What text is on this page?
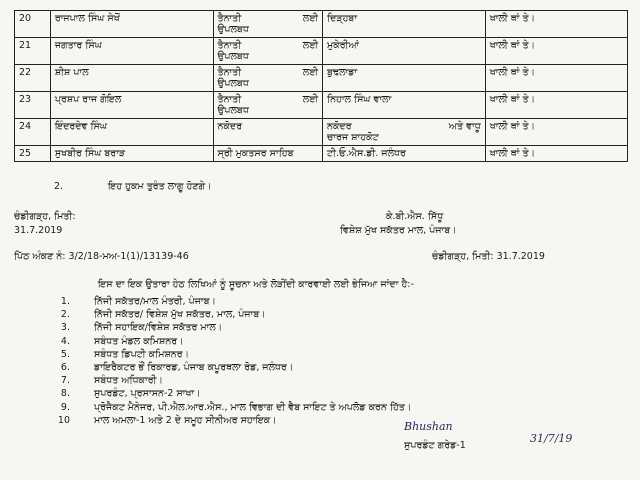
20	ਰਾਜਪਾਲ ਸਿੰਘ ਸੇਖੋਂ	ਤੈਨਾਤੀ ਲਈ
ਉਪਲਬਧ	ਦਿੜ੍ਹਬਾ	ਖਾਲੀ ਥਾਂ ਤੇ।
21	ਜਗਤਾਰ ਸਿੰਘ	ਤੈਨਾਤੀ ਲਈ
ਉਪਲਬਧ	ਮੁਕੇਰੀਆਂ	ਖਾਲੀ ਥਾਂ ਤੇ।
22	ਸ਼ੀਸ਼ ਪਾਲ	ਤੈਨਾਤੀ ਲਈ
ਉਪਲਬਧ	ਬੁਢਲਾਡਾ	ਖਾਲੀ ਥਾਂ ਤੇ।
23	ਪ੍ਰਸ਼ਪ ਰਾਜ ਗੋਇਲ	ਤੈਨਾਤੀ ਲਈ
ਉਪਲਬਧ	ਨਿਹਾਲ ਸਿੰਘ ਵਾਲਾ	ਖਾਲੀ ਥਾਂ ਤੇ।
24	ਇੰਦਰਦੇਵ ਸਿੰਘ	ਨਕੋਦਰ	ਨਕੋਦਰ ਅਤੇ ਵਾਧੂ
ਚਾਰਜ ਸ਼ਾਹਕੋਟ	ਖਾਲੀ ਥਾਂ ਤੇ।
25	ਸੁਖਬੀਰ ਸਿੰਘ ਬਰਾੜ	ਸ੍ਰੀ ਮੁਕਤਸਰ ਸਾਹਿਬ	ਟੀ.ਓ.ਐਸ.ਡੀ. ਜਲੰਧਰ	ਖਾਲੀ ਥਾਂ ਤੇ।
2.	ਇਹ ਹੁਕਮ ਤੁਰੰਤ ਲਾਗੂ ਹੋਣਗੇ।
ਚੰਡੀਗੜ੍ਹ, ਮਿਤੀ:
31.7.2019
ਕੇ.ਬੀ.ਐਸ. ਸਿੱਧੂ
ਵਿਸ਼ੇਸ਼ ਮੁੱਖ ਸਕੱਤਰ ਮਾਲ, ਪੰਜਾਬ।
ਪਿੱਠ ਅੰਕਣ ਨੰ: 3/2/18-ਮਅ-1(1)/13139-46	ਚੰਡੀਗੜ੍ਹ, ਮਿਤੀ: 31.7.2019
ਇਸ ਦਾ ਇਕ ਉਤਾਰਾ ਹੇਠ ਲਿਖਿਆਂ ਨੂੰ ਸੂਚਨਾ ਅਤੇ ਲੋੜੀਂਦੀ ਕਾਰਵਾਈ ਲਈ ਭੇਜਿਆ ਜਾਂਦਾ ਹੈ:-
1.	ਨਿੱਜੀ ਸਕੱਤਰ/ਮਾਲ ਮੰਤਰੀ, ਪੰਜਾਬ।
2.	ਨਿੱਜੀ ਸਕੱਤਰ/ ਵਿਸ਼ੇਸ਼ ਮੁੱਖ ਸਕੱਤਰ, ਮਾਲ, ਪੰਜਾਬ।
3.	ਨਿੱਜੀ ਸਹਾਇਕ/ਵਿਸ਼ੇਸ਼ ਸਕੱਤਰ ਮਾਲ।
4.	ਸਬੰਧਤ ਮੰਡਲ ਕਮਿਸ਼ਨਰ।
5.	ਸਬੰਧਤ ਡਿਪਟੀ ਕਮਿਸ਼ਨਰ।
6.	ਡਾਇਰੈਕਟਰ ਭੌਂ ਰਿਕਾਰਡ, ਪੰਜਾਬ ਕਪੂਰਥਲਾ ਰੋਡ, ਜਲੰਧਰ।
7.	ਸਬੰਧਤ ਅਧਿਕਾਰੀ।
8.	ਸੁਪਰਡੰਟ, ਪ੍ਰਸਾਸਨ-2 ਸਾਖਾ।
9.	ਪ੍ਰੋਜੈਕਟ ਮੈਨੇਜਰ, ਪੀ.ਐਲ.ਆਰ.ਐਸ., ਮਾਲ ਵਿਭਾਗ ਦੀ ਵੈਬ ਸਾਇਟ ਤੇ ਅਪਲੋਡ ਕਰਨ ਹਿੱਤ।
10	ਮਾਲ ਅਮਲਾ-1 ਅਤੇ 2 ਦੇ ਸਮੂਹ ਸੀਨੀਅਰ ਸਹਾਇਕ।	Bhushan
ਸੁਪਰਡੰਟ ਗਰੇਡ-1
31/7/19
